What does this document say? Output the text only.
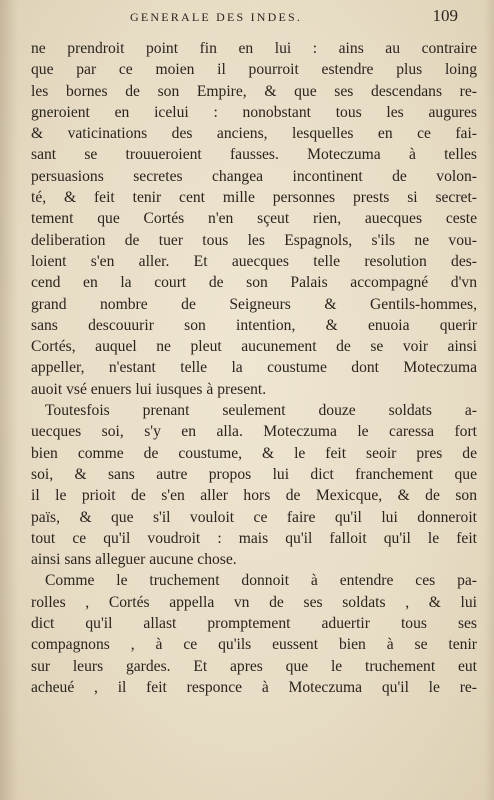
GENERALE DES INDES.	109
ne prendroit point fin en lui : ains au contraire
que par ce moien il pourroit estendre plus loing
les bornes de son Empire, & que ses descendans re-
gneroient en icelui : nonobstant tous les augures
& vaticinations des anciens, lesquelles en ce fai-
sant se trouueroient fausses. Moteczuma à telles
persuasions secretes changea incontinent de volon-
té, & feit tenir cent mille personnes prests si secret-
tement que Cortés n'en sçeut rien, auecques ceste
deliberation de tuer tous les Espagnols, s'ils ne vou-
loient s'en aller. Et auecques telle resolution des-
cend en la court de son Palais accompagné d'vn
grand nombre de Seigneurs & Gentils-hommes,
sans descouurir son intention, & enuoia querir
Cortés, auquel ne pleut aucunement de se voir ainsi
appeller, n'estant telle la coustume dont Moteczuma
auoit vsé enuers lui iusques à present.
Toutesfois prenant seulement douze soldats a-
uecques soi, s'y en alla. Moteczuma le caressa fort
bien comme de coustume, & le feit seoir pres de
soi, & sans autre propos lui dict franchement que
il le prioit de s'en aller hors de Mexicque, & de son
païs, & que s'il vouloit ce faire qu'il lui donneroit
tout ce qu'il voudroit : mais qu'il falloit qu'il le feit
ainsi sans alleguer aucune chose.
Comme le truchement donnoit à entendre ces pa-
rolles , Cortés appella vn de ses soldats , & lui
dict qu'il allast promptement aduertir tous ses
compagnons , à ce qu'ils eussent bien à se tenir
sur leurs gardes. Et apres que le truchement eut
acheué , il feit responce à Moteczuma qu'il le re-
